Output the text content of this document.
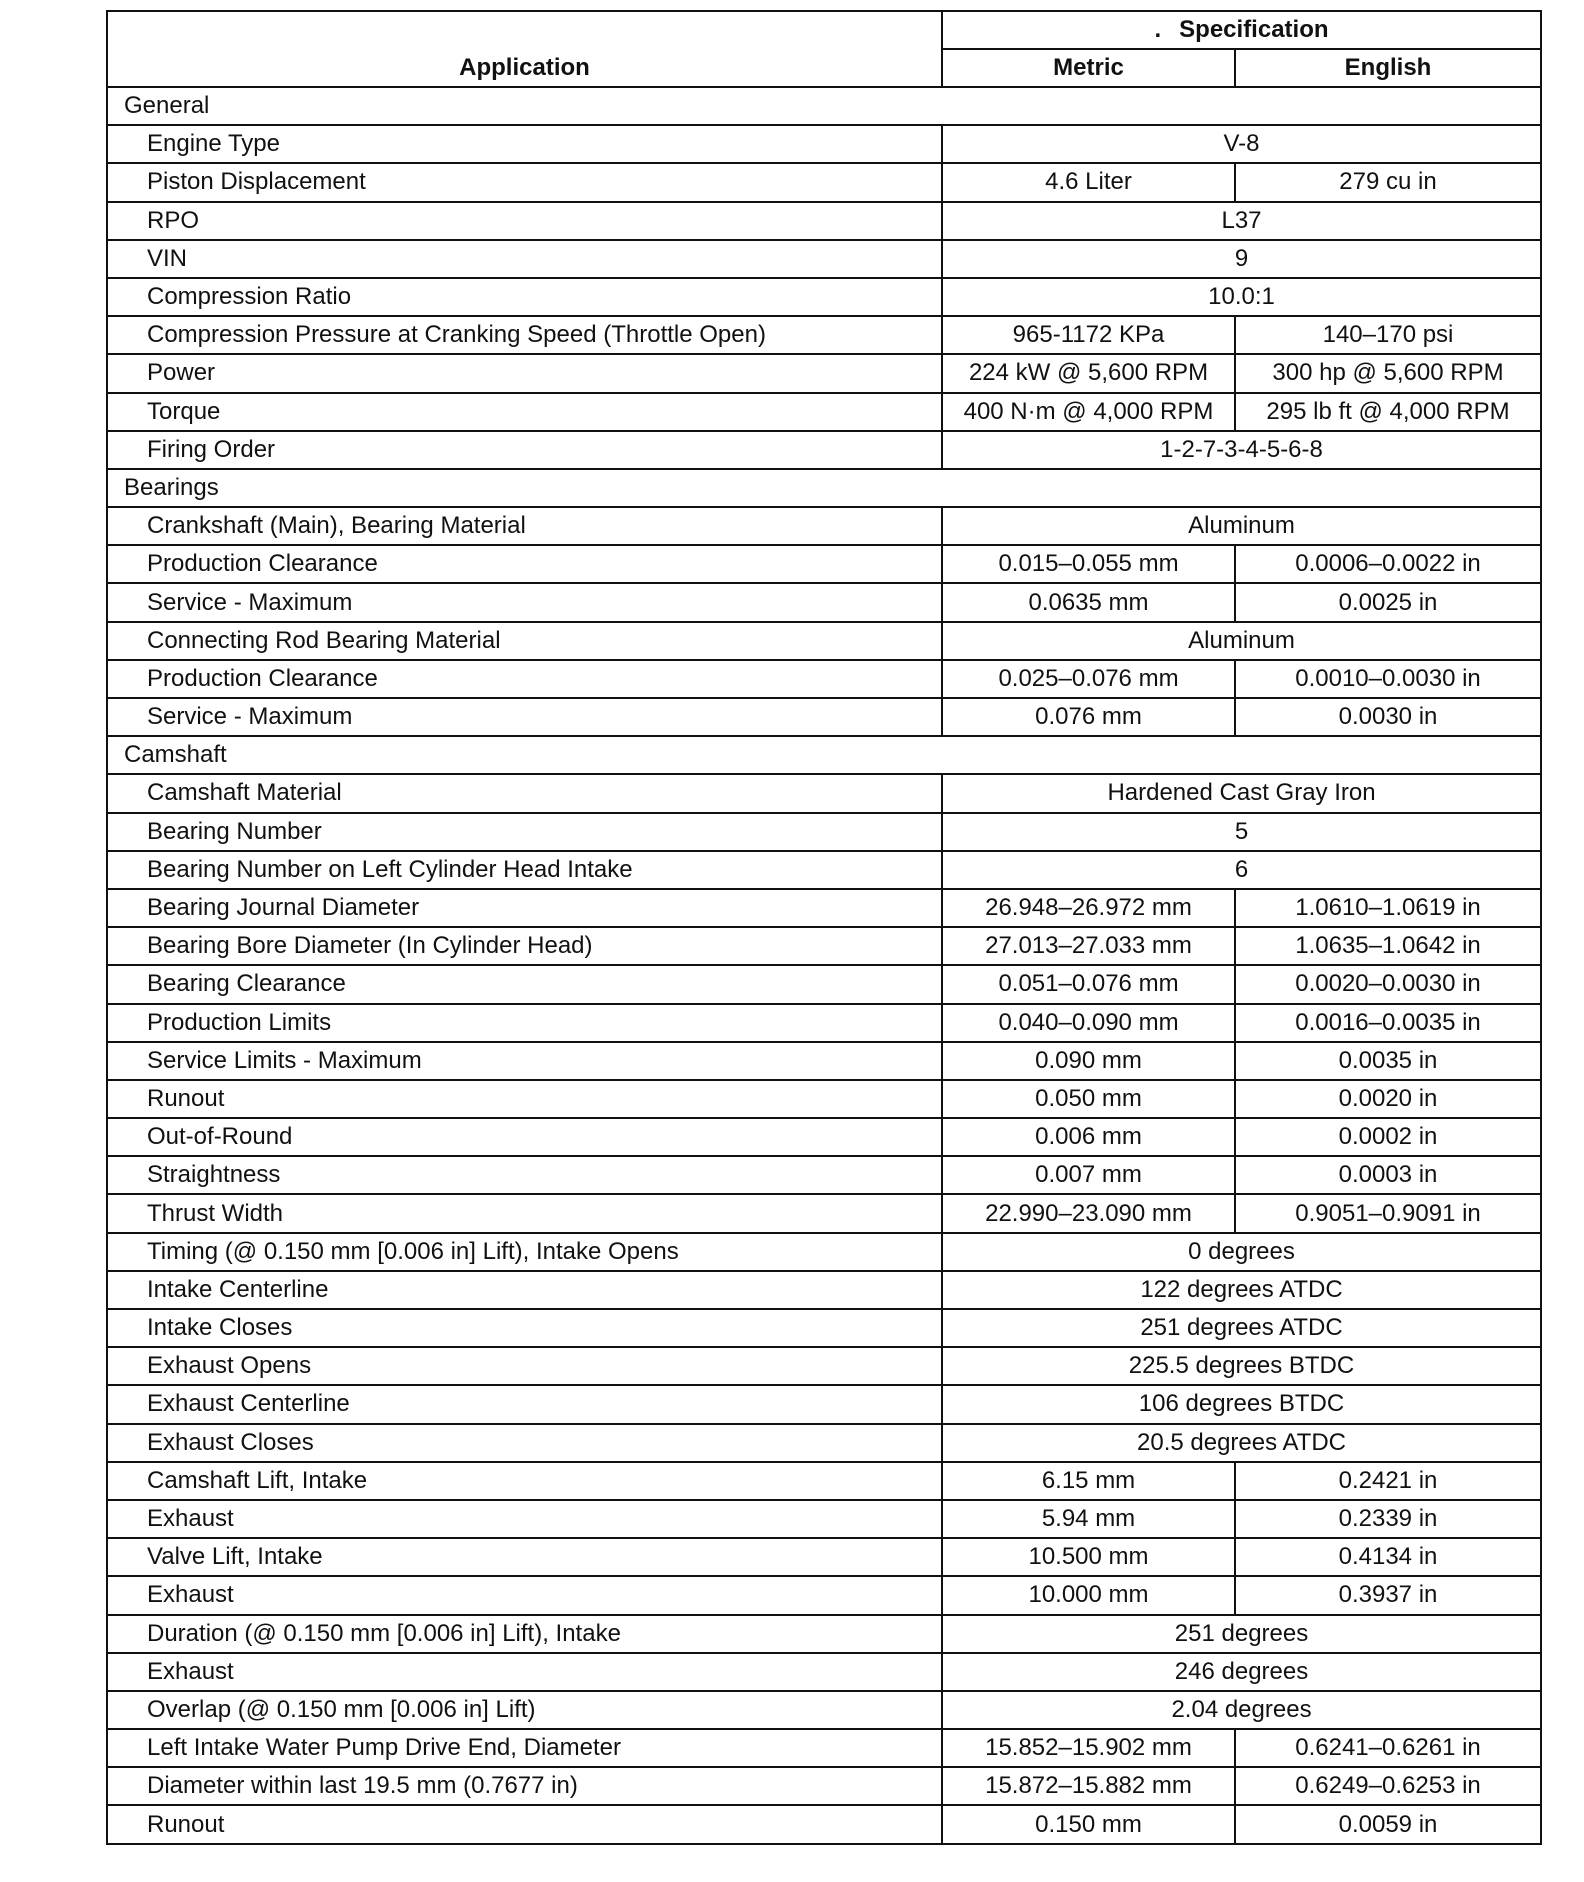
Application	. Specification	
	Metric	English
General		
Engine Type	V-8	
Piston Displacement	4.6 Liter	279 cu in
RPO	L37	
VIN	9	
Compression Ratio	10.0:1	
Compression Pressure at Cranking Speed (Throttle Open)	965-1172 KPa	140–170 psi
Power	224 kW @ 5,600 RPM	300 hp @ 5,600 RPM
Torque	400 N·m @ 4,000 RPM	295 lb ft @ 4,000 RPM
Firing Order	1-2-7-3-4-5-6-8	
Bearings		
Crankshaft (Main), Bearing Material	Aluminum	
Production Clearance	0.015–0.055 mm	0.0006–0.0022 in
Service - Maximum	0.0635 mm	0.0025 in
Connecting Rod Bearing Material	Aluminum	
Production Clearance	0.025–0.076 mm	0.0010–0.0030 in
Service - Maximum	0.076 mm	0.0030 in
Camshaft		
Camshaft Material	Hardened Cast Gray Iron	
Bearing Number	5	
Bearing Number on Left Cylinder Head Intake	6	
Bearing Journal Diameter	26.948–26.972 mm	1.0610–1.0619 in
Bearing Bore Diameter (In Cylinder Head)	27.013–27.033 mm	1.0635–1.0642 in
Bearing Clearance	0.051–0.076 mm	0.0020–0.0030 in
Production Limits	0.040–0.090 mm	0.0016–0.0035 in
Service Limits - Maximum	0.090 mm	0.0035 in
Runout	0.050 mm	0.0020 in
Out-of-Round	0.006 mm	0.0002 in
Straightness	0.007 mm	0.0003 in
Thrust Width	22.990–23.090 mm	0.9051–0.9091 in
Timing (@ 0.150 mm [0.006 in] Lift), Intake Opens	0 degrees	
Intake Centerline	122 degrees ATDC	
Intake Closes	251 degrees ATDC	
Exhaust Opens	225.5 degrees BTDC	
Exhaust Centerline	106 degrees BTDC	
Exhaust Closes	20.5 degrees ATDC	
Camshaft Lift, Intake	6.15 mm	0.2421 in
Exhaust	5.94 mm	0.2339 in
Valve Lift, Intake	10.500 mm	0.4134 in
Exhaust	10.000 mm	0.3937 in
Duration (@ 0.150 mm [0.006 in] Lift), Intake	251 degrees	
Exhaust	246 degrees	
Overlap (@ 0.150 mm [0.006 in] Lift)	2.04 degrees	
Left Intake Water Pump Drive End, Diameter	15.852–15.902 mm	0.6241–0.6261 in
Diameter within last 19.5 mm (0.7677 in)	15.872–15.882 mm	0.6249–0.6253 in
Runout	0.150 mm	0.0059 in
